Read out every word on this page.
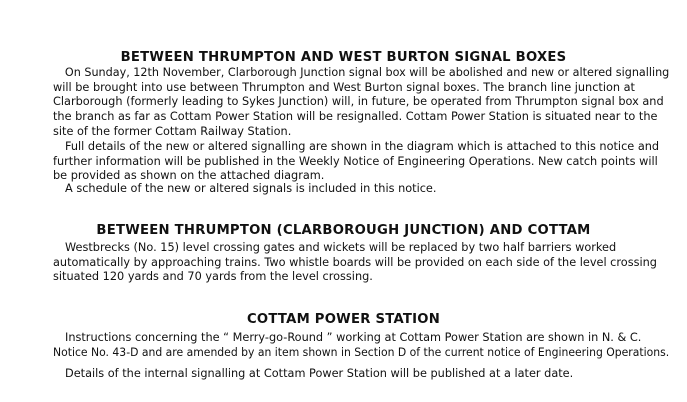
BETWEEN THRUMPTON AND WEST BURTON SIGNAL BOXES
On Sunday, 12th November, Clarborough Junction signal box will be abolished and new or altered signalling
will be brought into use between Thrumpton and West Burton signal boxes. The branch line junction at
Clarborough (formerly leading to Sykes Junction) will, in future, be operated from Thrumpton signal box and
the branch as far as Cottam Power Station will be resignalled. Cottam Power Station is situated near to the
site of the former Cottam Railway Station.
Full details of the new or altered signalling are shown in the diagram which is attached to this notice and
further information will be published in the Weekly Notice of Engineering Operations. New catch points will
be provided as shown on the attached diagram.
A schedule of the new or altered signals is included in this notice.
BETWEEN THRUMPTON (CLARBOROUGH JUNCTION) AND COTTAM
Westbrecks (No. 15) level crossing gates and wickets will be replaced by two half barriers worked
automatically by approaching trains. Two whistle boards will be provided on each side of the level crossing
situated 120 yards and 70 yards from the level crossing.
COTTAM POWER STATION
Instructions concerning the “ Merry-go-Round ” working at Cottam Power Station are shown in N. & C.
Notice No. 43-D and are amended by an item shown in Section D of the current notice of Engineering Operations.
Details of the internal signalling at Cottam Power Station will be published at a later date.
